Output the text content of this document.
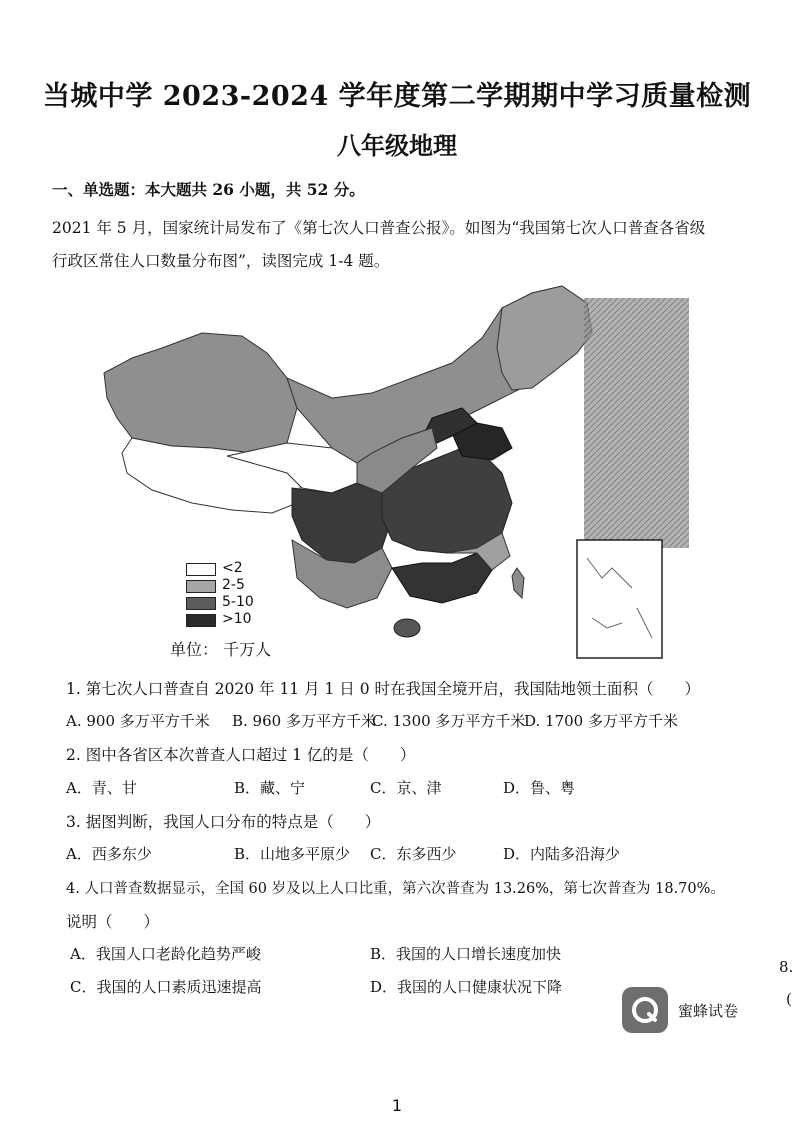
当城中学 2023-2024 学年度第二学期期中学习质量检测
八年级地理
一、单选题：本大题共 26 小题，共 52 分。
2021 年 5 月，国家统计局发布了《第七次人口普查公报》。如图为“我国第七次人口普查各省级
行政区常住人口数量分布图”，读图完成 1-4 题。
<2
2-5
5-10
>10
单位： 千万人
1. 第七次人口普查自 2020 年 11 月 1 日 0 时在我国全境开启，我国陆地领土面积（　　）
A. 900 多万平方千米 B. 960 多万平方千米
C. 1300 多万平方千米
D. 1700 多万平方千米
2. 图中各省区本次普查人口超过 1 亿的是（　　）
A．青、甘	B．藏、宁	C．京、津	D．鲁、粤
3. 据图判断，我国人口分布的特点是（　　）
A．西多东少	B．山地多平原少 C．东多西少	D．内陆多沿海少
4. 人口普查数据显示，全国 60 岁及以上人口比重，第六次普查为 13.26%，第七次普查为 18.70%。
说明（　　）
A．我国人口老龄化趋势严峻	B．我国的人口增长速度加快
C．我国的人口素质迅速提高	D．我国的人口健康状况下降
蜜蜂试卷
8.
(
1
